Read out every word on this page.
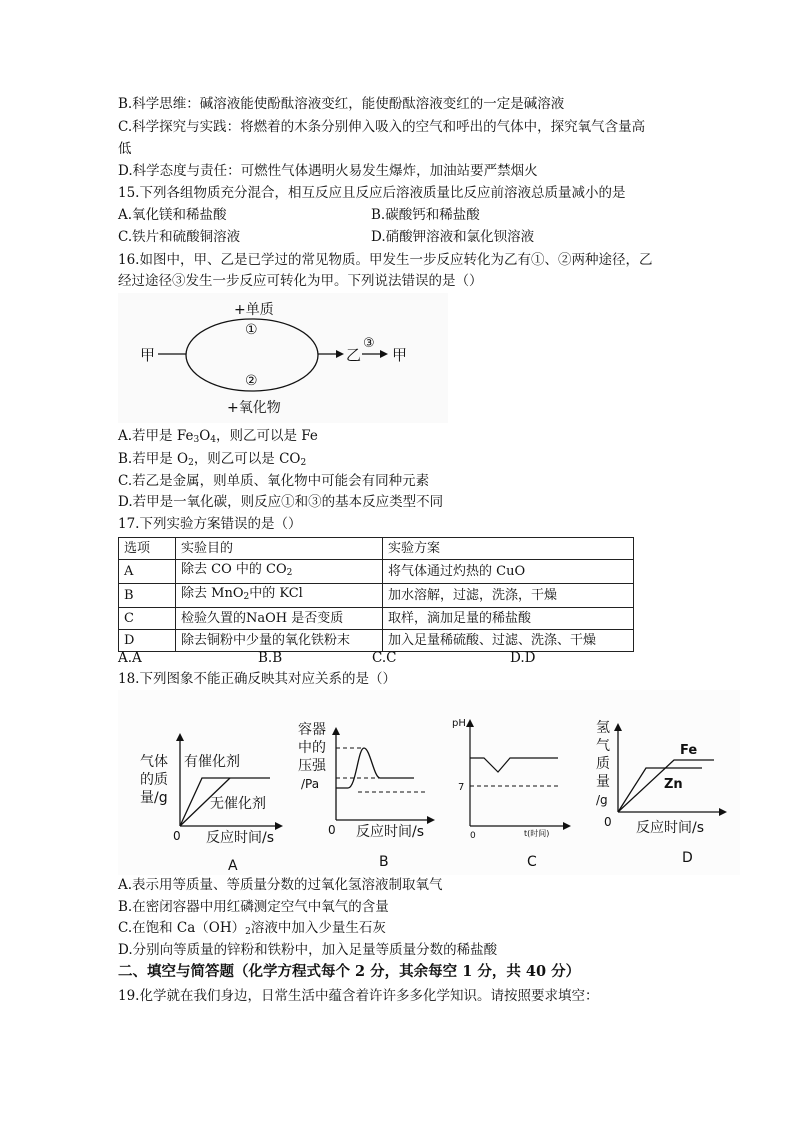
B.科学思维：碱溶液能使酚酞溶液变红，能使酚酞溶液变红的一定是碱溶液
C.科学探究与实践：将燃着的木条分别伸入吸入的空气和呼出的气体中，探究氧气含量高
低
D.科学态度与责任：可燃性气体遇明火易发生爆炸，加油站要严禁烟火
15.下列各组物质充分混合，相互反应且反应后溶液质量比反应前溶液总质量减小的是
A.氧化镁和稀盐酸	B.碳酸钙和稀盐酸
C.铁片和硫酸铜溶液	D.硝酸钾溶液和氯化钡溶液
16.如图中，甲、乙是已学过的常见物质。甲发生一步反应转化为乙有①、②两种途径，乙
经过途径③发生一步反应可转化为甲。下列说法错误的是（）
+单质
①
②
+氧化物
甲	乙
③
甲
A.若甲是 $Fe_3O_4$，则乙可以是 Fe
B.若甲是 $O_2$，则乙可以是 $CO_2$
C.若乙是金属，则单质、氧化物中可能会有同种元素
D.若甲是一氧化碳，则反应①和③的基本反应类型不同
17.下列实验方案错误的是（）
选项	实验目的	实验方案
A	除去 CO 中的 $CO_2$	将气体通过灼热的 CuO
B	除去 MnO$_2$中的 KCl	加水溶解，过滤，洗涤，干燥
C	检验久置的NaOH 是否变质	取样，滴加足量的稀盐酸
D	除去铜粉中少量的氧化铁粉末	加入足量稀硫酸、过滤、洗涤、干燥
A.A	B.B	C.C	D.D
18.下列图象不能正确反映其对应关系的是（）
气体
的质
量/g
有催化剂
无催化剂
0 反应时间/s
A
容器
中的
压强
/Pa
0 反应时间/s
B
pH
7
0	t(时间)
C
氢
气
质
量
/g
Fe
Zn
0 反应时间/s
D
A.表示用等质量、等质量分数的过氧化氢溶液制取氧气
B.在密闭容器中用红磷测定空气中氧气的含量
C.在饱和 $Ca(OH)_2$溶液中加入少量生石灰
D.分别向等质量的锌粉和铁粉中，加入足量等质量分数的稀盐酸
二、填空与简答题（化学方程式每个 2 分，其余每空 1 分，共 40 分）
19.化学就在我们身边，日常生活中蕴含着许许多多化学知识。请按照要求填空：
